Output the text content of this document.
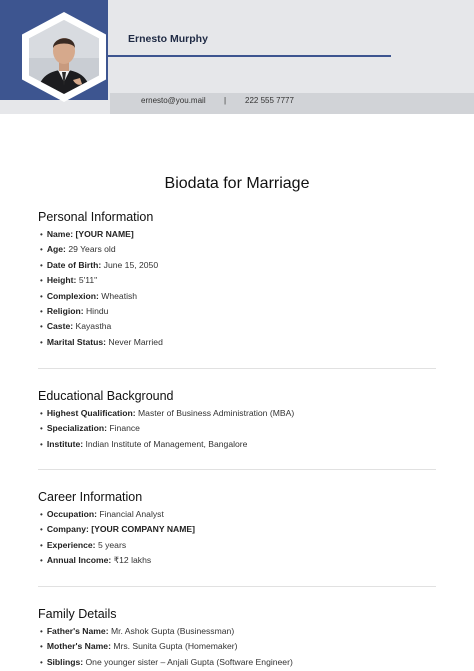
Ernesto Murphy
ernesto@you.mail | 222 555 7777
Biodata for Marriage
Personal Information
• Name: [YOUR NAME]
• Age: 29 Years old
• Date of Birth: June 15, 2050
• Height: 5'11"
• Complexion: Wheatish
• Religion: Hindu
• Caste: Kayastha
• Marital Status: Never Married
Educational Background
• Highest Qualification: Master of Business Administration (MBA)
• Specialization: Finance
• Institute: Indian Institute of Management, Bangalore
Career Information
• Occupation: Financial Analyst
• Company: [YOUR COMPANY NAME]
• Experience: 5 years
• Annual Income: ₹12 lakhs
Family Details
• Father's Name: Mr. Ashok Gupta (Businessman)
• Mother's Name: Mrs. Sunita Gupta (Homemaker)
• Siblings: One younger sister – Anjali Gupta (Software Engineer)
